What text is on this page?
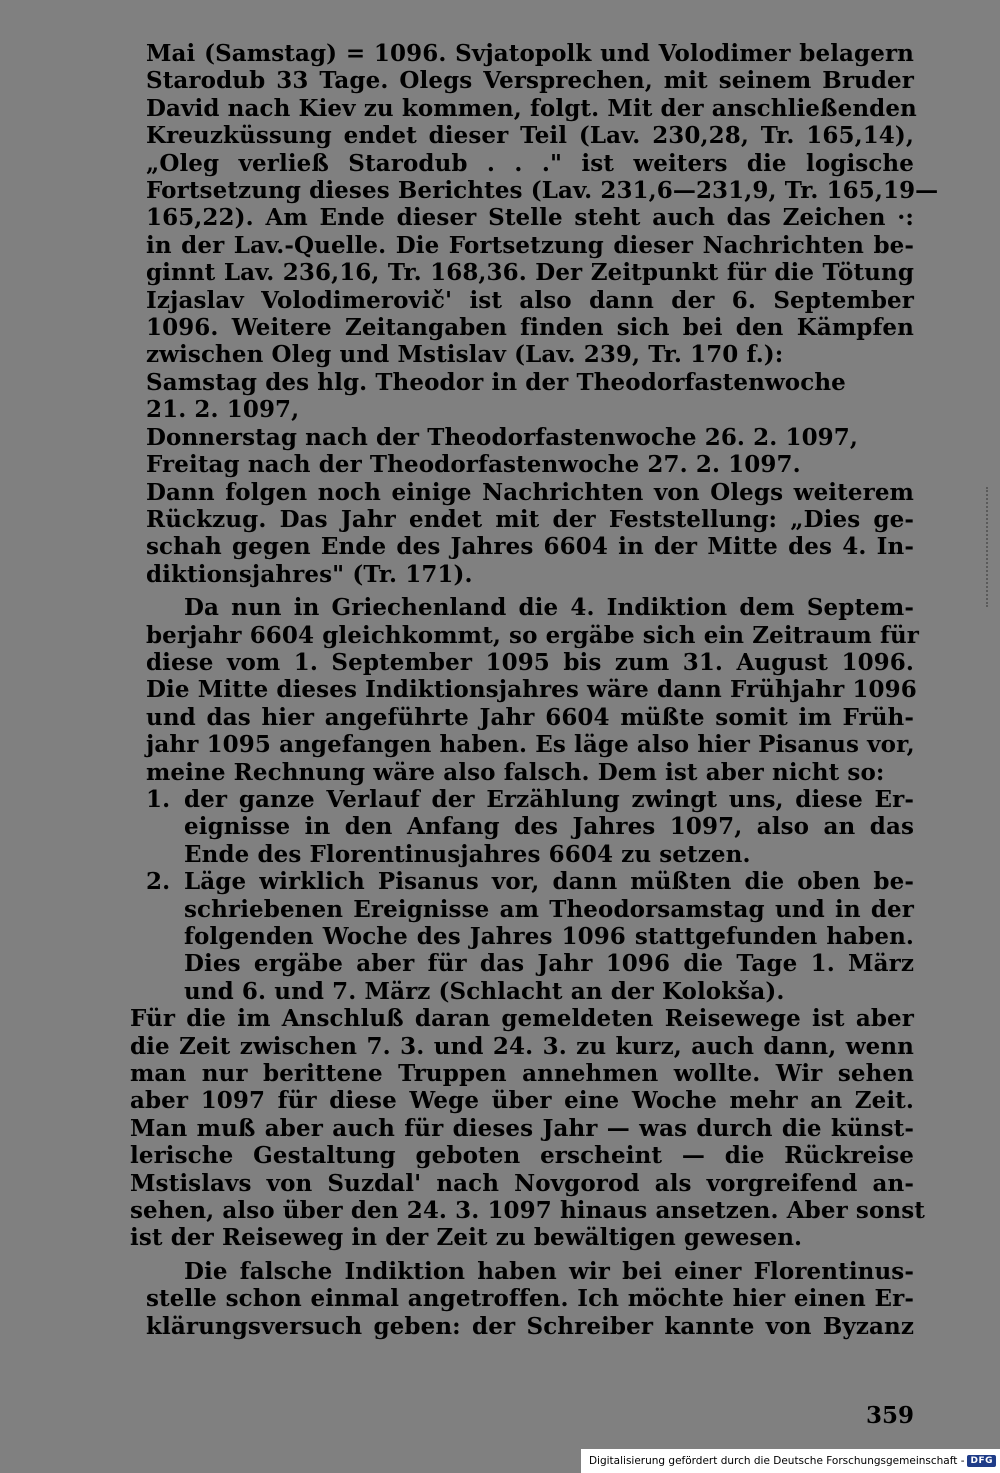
Mai (Samstag) = 1096. Svjatopolk und Volodimer belagern
Starodub 33 Tage. Olegs Versprechen, mit seinem Bruder
David nach Kiev zu kommen, folgt. Mit der anschließenden
Kreuzküssung endet dieser Teil (Lav. 230,28, Tr. 165,14),
„Oleg verließ Starodub . . ." ist weiters die logische
Fortsetzung dieses Berichtes (Lav. 231,6—231,9, Tr. 165,19—
165,22). Am Ende dieser Stelle steht auch das Zeichen ·:
in der Lav.-Quelle. Die Fortsetzung dieser Nachrichten be-
ginnt Lav. 236,16, Tr. 168,36. Der Zeitpunkt für die Tötung
Izjaslav Volodimerovič' ist also dann der 6. September
1096. Weitere Zeitangaben finden sich bei den Kämpfen
zwischen Oleg und Mstislav (Lav. 239, Tr. 170 f.):
Samstag des hlg. Theodor in der Theodorfastenwoche
21. 2. 1097,
Donnerstag nach der Theodorfastenwoche 26. 2. 1097,
Freitag nach der Theodorfastenwoche 27. 2. 1097.
Dann folgen noch einige Nachrichten von Olegs weiterem
Rückzug. Das Jahr endet mit der Feststellung: „Dies ge-
schah gegen Ende des Jahres 6604 in der Mitte des 4. In-
diktionsjahres" (Tr. 171).
Da nun in Griechenland die 4. Indiktion dem Septem-
berjahr 6604 gleichkommt, so ergäbe sich ein Zeitraum für
diese vom 1. September 1095 bis zum 31. August 1096.
Die Mitte dieses Indiktionsjahres wäre dann Frühjahr 1096
und das hier angeführte Jahr 6604 müßte somit im Früh-
jahr 1095 angefangen haben. Es läge also hier Pisanus vor,
meine Rechnung wäre also falsch. Dem ist aber nicht so:
1. der ganze Verlauf der Erzählung zwingt uns, diese Er-
eignisse in den Anfang des Jahres 1097, also an das
Ende des Florentinusjahres 6604 zu setzen.
2. Läge wirklich Pisanus vor, dann müßten die oben be-
schriebenen Ereignisse am Theodorsamstag und in der
folgenden Woche des Jahres 1096 stattgefunden haben.
Dies ergäbe aber für das Jahr 1096 die Tage 1. März
und 6. und 7. März (Schlacht an der Kolokša).
Für die im Anschluß daran gemeldeten Reisewege ist aber
die Zeit zwischen 7. 3. und 24. 3. zu kurz, auch dann, wenn
man nur berittene Truppen annehmen wollte. Wir sehen
aber 1097 für diese Wege über eine Woche mehr an Zeit.
Man muß aber auch für dieses Jahr — was durch die künst-
lerische Gestaltung geboten erscheint — die Rückreise
Mstislavs von Suzdal' nach Novgorod als vorgreifend an-
sehen, also über den 24. 3. 1097 hinaus ansetzen. Aber sonst
ist der Reiseweg in der Zeit zu bewältigen gewesen.
Die falsche Indiktion haben wir bei einer Florentinus-
stelle schon einmal angetroffen. Ich möchte hier einen Er-
klärungsversuch geben: der Schreiber kannte von Byzanz
359
Digitalisierung gefördert durch die Deutsche Forschungsgemeinschaft - DFG
